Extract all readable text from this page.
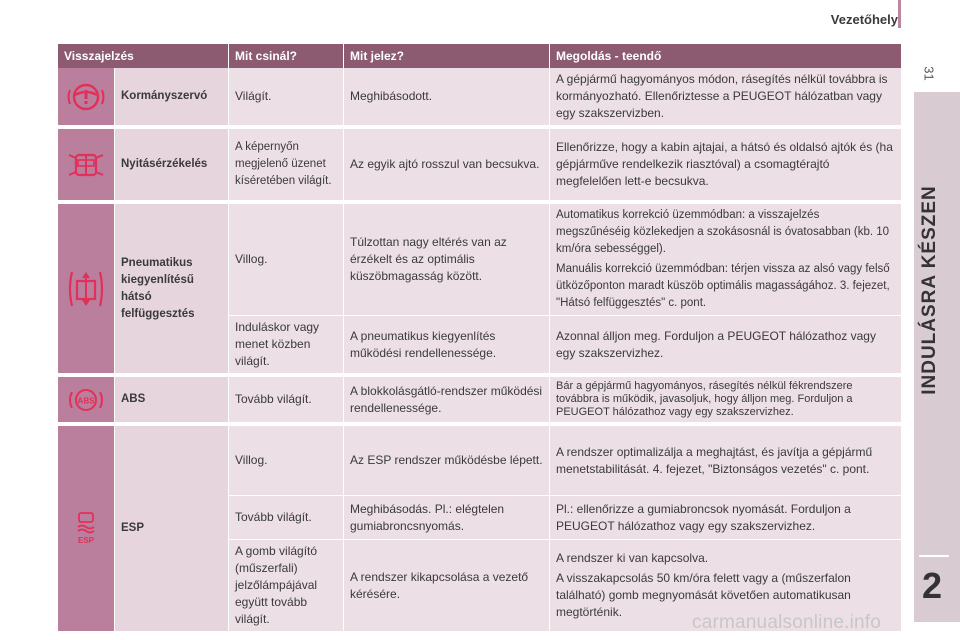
Vezetőhely
31
INDULÁSRA KÉSZEN
2
Visszajelzés		Mit csinál?	Mit jelez?	Megoldás - teendő

	Kormányszervó	Világít.	Meghibásodott.	A gépjármű hagyományos módon, rásegítés nélkül továbbra is kormányozható. Ellenőriztesse a PEUGEOT hálózatban vagy egy szakszervizben.

	Nyitásérzékelés	A képernyőn megjelenő üzenet kíséretében világít.	Az egyik ajtó rosszul van becsukva.	Ellenőrizze, hogy a kabin ajtajai, a hátsó és oldalsó ajtók és (ha gépjárműve rendelkezik riasztóval) a csomagtérajtó megfelelően lett-e becsukva.

	Pneumatikus kiegyenlítésű hátsó felfüggesztés	Villog.	Túlzottan nagy eltérés van az érzékelt és az optimális küszöbmagasság között.	Automatikus korrekció üzemmódban: a visszajelzés megszűnéséig közlekedjen a szokásosnál is óvatosabban (kb. 10 km/óra sebességgel).
Manuális korrekció üzemmódban: térjen vissza az alsó vagy felső ütközőponton maradt küszöb optimális magasságához. 3. fejezet, "Hátsó felfüggesztés" c. pont.

		Induláskor vagy menet közben világít.	A pneumatikus kiegyenlítés működési rendellenessége.	Azonnal álljon meg. Forduljon a PEUGEOT hálózathoz vagy egy szakszervizhez.

ABS	ABS	Tovább világít.	A blokkolásgátló-rendszer működési rendellenessége.	Bár a gépjármű hagyományos, rásegítés nélkül fékrendszere továbbra is működik, javasoljuk, hogy álljon meg. Forduljon a PEUGEOT hálózathoz vagy egy szakszervizhez.

ESP	ESP	Villog.	Az ESP rendszer működésbe lépett.	A rendszer optimalizálja a meghajtást, és javítja a gépjármű menetstabilitását. 4. fejezet, "Biztonságos vezetés" c. pont.
		Tovább világít.	Meghibásodás. Pl.: elégtelen gumiabroncsnyomás.	Pl.: ellenőrizze a gumiabroncsok nyomását. Forduljon a PEUGEOT hálózathoz vagy egy szakszervizhez.
		A gomb világító (műszerfali) jelzőlámpájával együtt tovább világít.	A rendszer kikapcsolása a vezető kérésére.	A rendszer ki van kapcsolva.
A visszakapcsolás 50 km/óra felett vagy a (műszerfalon található) gomb megnyomását követően automatikusan megtörténik.	carmanualsonline.info
